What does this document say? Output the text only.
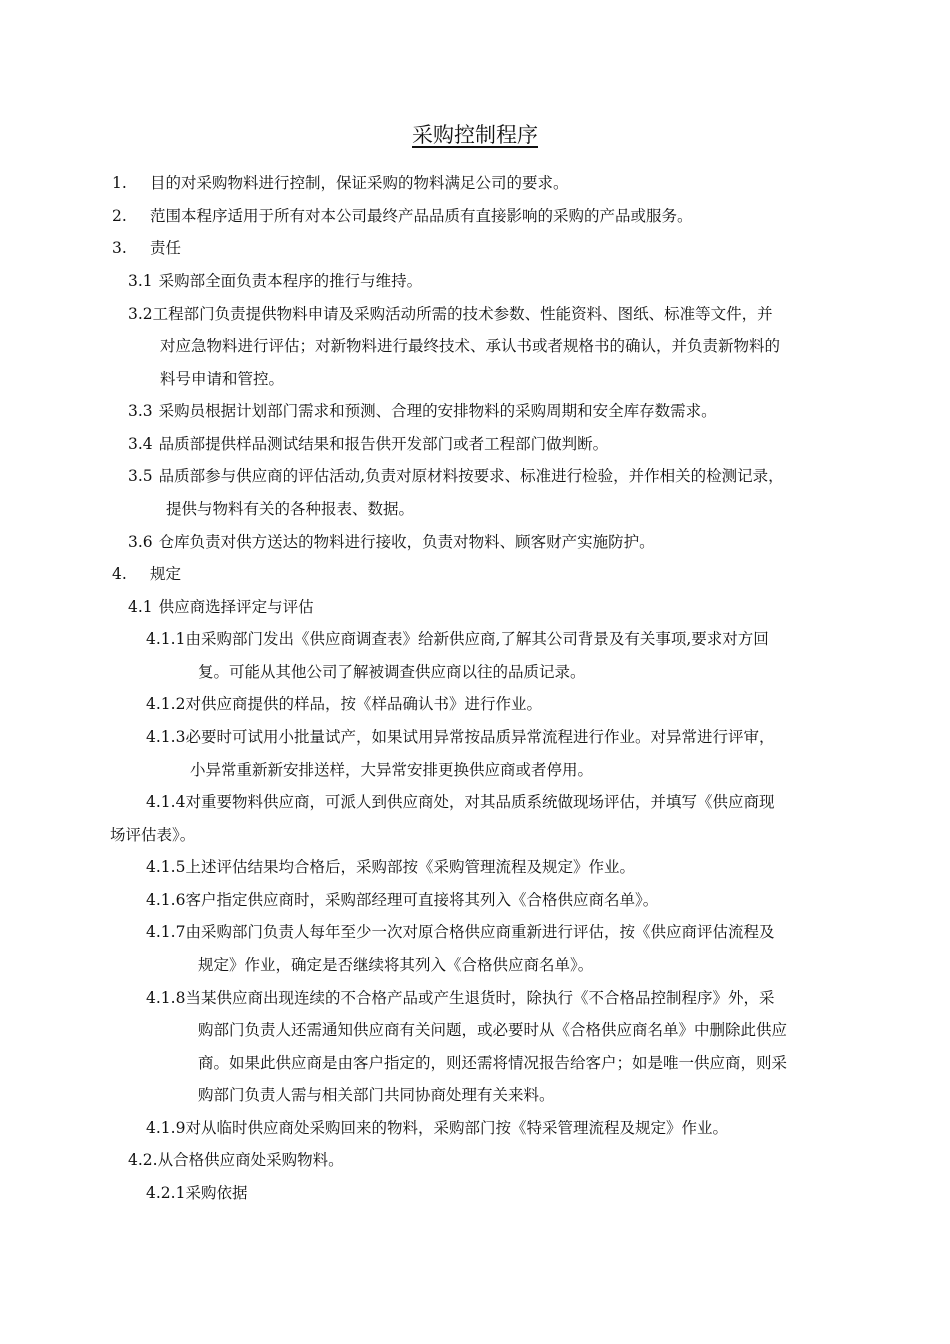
采购控制程序
1. 目的对采购物料进行控制，保证采购的物料满足公司的要求。
2. 范围本程序适用于所有对本公司最终产品品质有直接影响的采购的产品或服务。
3. 责任
3.1 采购部全面负责本程序的推行与维持。
3.2工程部门负责提供物料申请及采购活动所需的技术参数、性能资料、图纸、标准等文件，并
对应急物料进行评估；对新物料进行最终技术、承认书或者规格书的确认，并负责新物料的
料号申请和管控。
3.3 采购员根据计划部门需求和预测、合理的安排物料的采购周期和安全库存数需求。
3.4 品质部提供样品测试结果和报告供开发部门或者工程部门做判断。
3.5 品质部参与供应商的评估活动,负责对原材料按要求、标准进行检验，并作相关的检测记录，
提供与物料有关的各种报表、数据。
3.6 仓库负责对供方送达的物料进行接收，负责对物料、顾客财产实施防护。
4. 规定
4.1 供应商选择评定与评估
4.1.1由采购部门发出《供应商调查表》给新供应商,了解其公司背景及有关事项,要求对方回
复。可能从其他公司了解被调查供应商以往的品质记录。
4.1.2对供应商提供的样品，按《样品确认书》进行作业。
4.1.3必要时可试用小批量试产，如果试用异常按品质异常流程进行作业。对异常进行评审，
小异常重新新安排送样，大异常安排更换供应商或者停用。
4.1.4对重要物料供应商，可派人到供应商处，对其品质系统做现场评估，并填写《供应商现
场评估表》。
4.1.5上述评估结果均合格后，采购部按《采购管理流程及规定》作业。
4.1.6客户指定供应商时，采购部经理可直接将其列入《合格供应商名单》。
4.1.7由采购部门负责人每年至少一次对原合格供应商重新进行评估，按《供应商评估流程及
规定》作业，确定是否继续将其列入《合格供应商名单》。
4.1.8当某供应商出现连续的不合格产品或产生退货时，除执行《不合格品控制程序》外，采
购部门负责人还需通知供应商有关问题，或必要时从《合格供应商名单》中删除此供应
商。如果此供应商是由客户指定的，则还需将情况报告给客户；如是唯一供应商，则采
购部门负责人需与相关部门共同协商处理有关来料。
4.1.9对从临时供应商处采购回来的物料，采购部门按《特采管理流程及规定》作业。
4.2.从合格供应商处采购物料。
4.2.1采购依据
